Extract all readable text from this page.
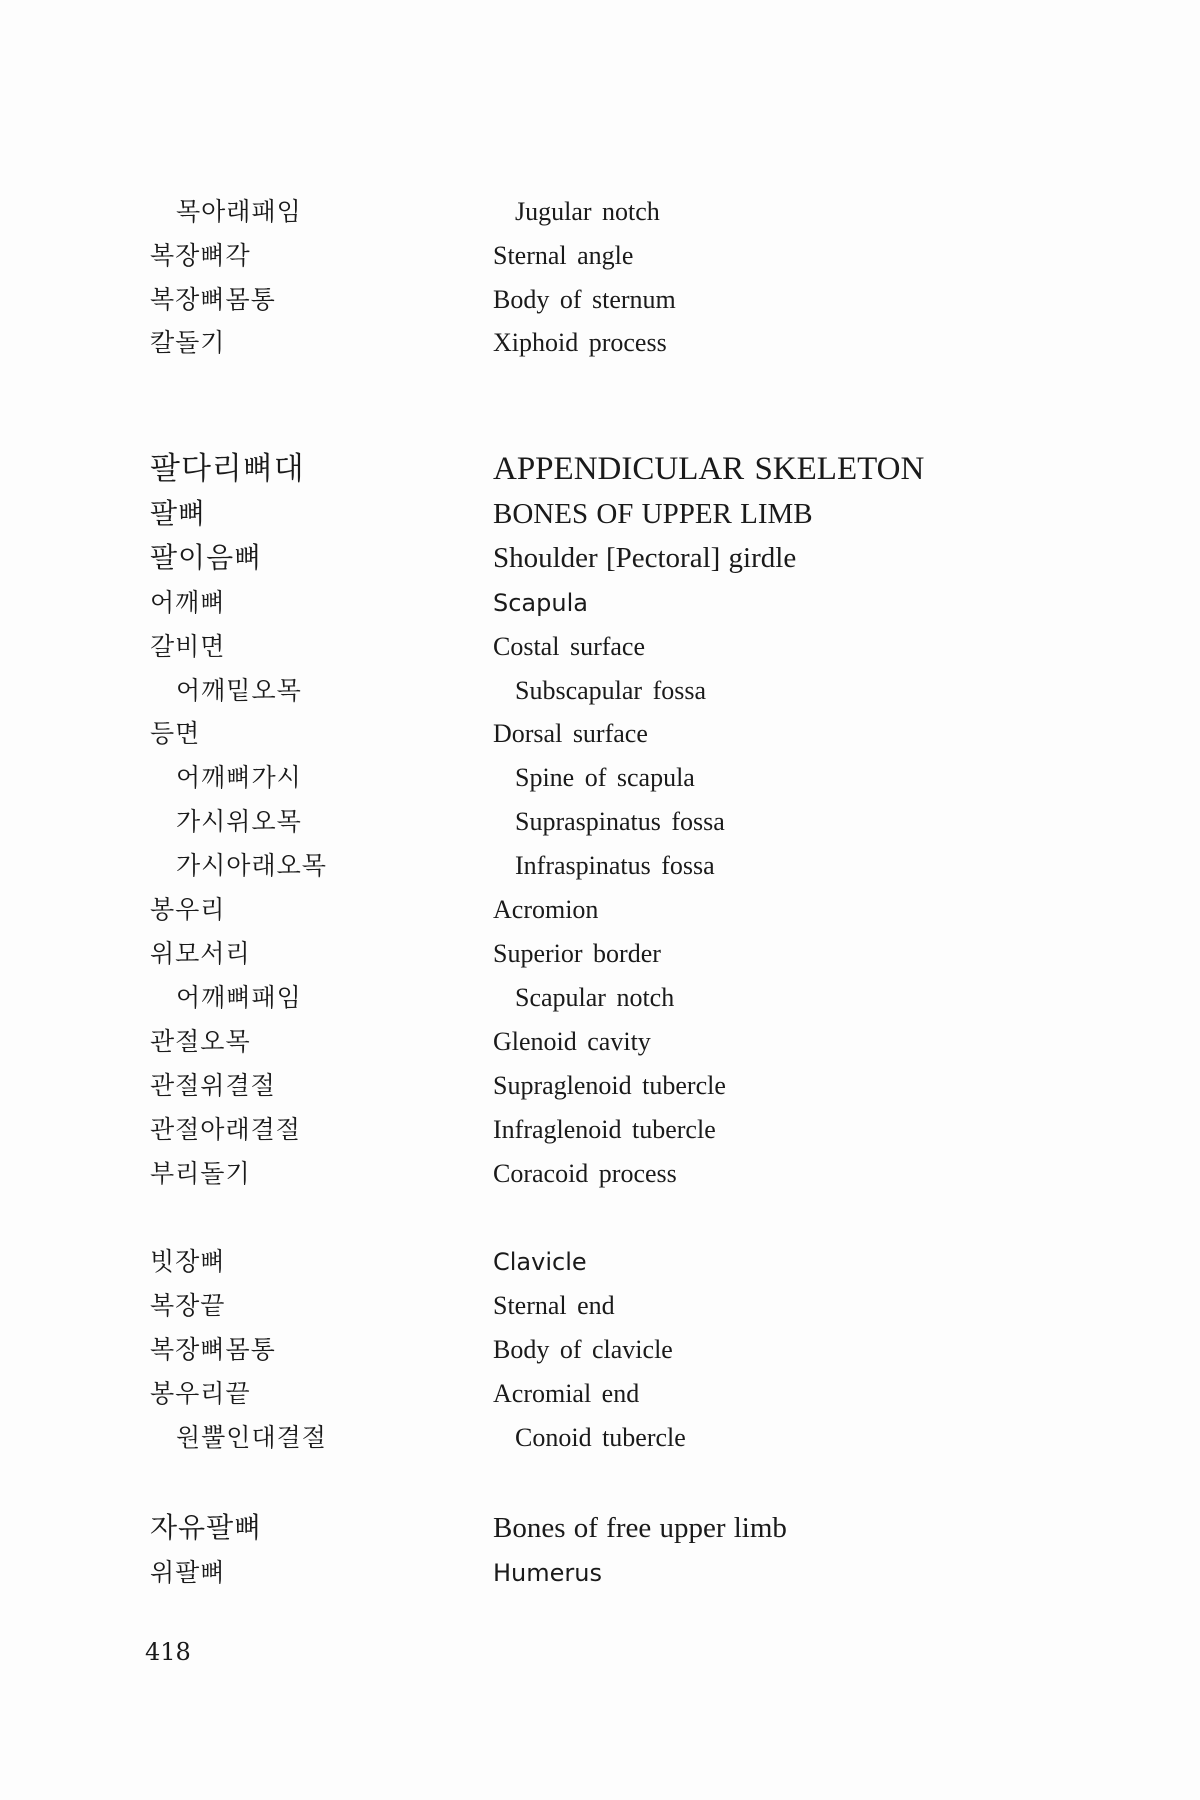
목아래패임	Jugular notch
복장뼈각	Sternal angle
복장뼈몸통	Body of sternum
칼돌기	Xiphoid process
팔다리뼈대	APPENDICULAR SKELETON
팔뼈	BONES OF UPPER LIMB
팔이음뼈	Shoulder [Pectoral] girdle
어깨뼈	Scapula
갈비면	Costal surface
어깨밑오목	Subscapular fossa
등면	Dorsal surface
어깨뼈가시	Spine of scapula
가시위오목	Supraspinatus fossa
가시아래오목	Infraspinatus fossa
봉우리	Acromion
위모서리	Superior border
어깨뼈패임	Scapular notch
관절오목	Glenoid cavity
관절위결절	Supraglenoid tubercle
관절아래결절	Infraglenoid tubercle
부리돌기	Coracoid process
빗장뼈	Clavicle
복장끝	Sternal end
복장뼈몸통	Body of clavicle
봉우리끝	Acromial end
원뿔인대결절	Conoid tubercle
자유팔뼈	Bones of free upper limb
위팔뼈	Humerus
418
